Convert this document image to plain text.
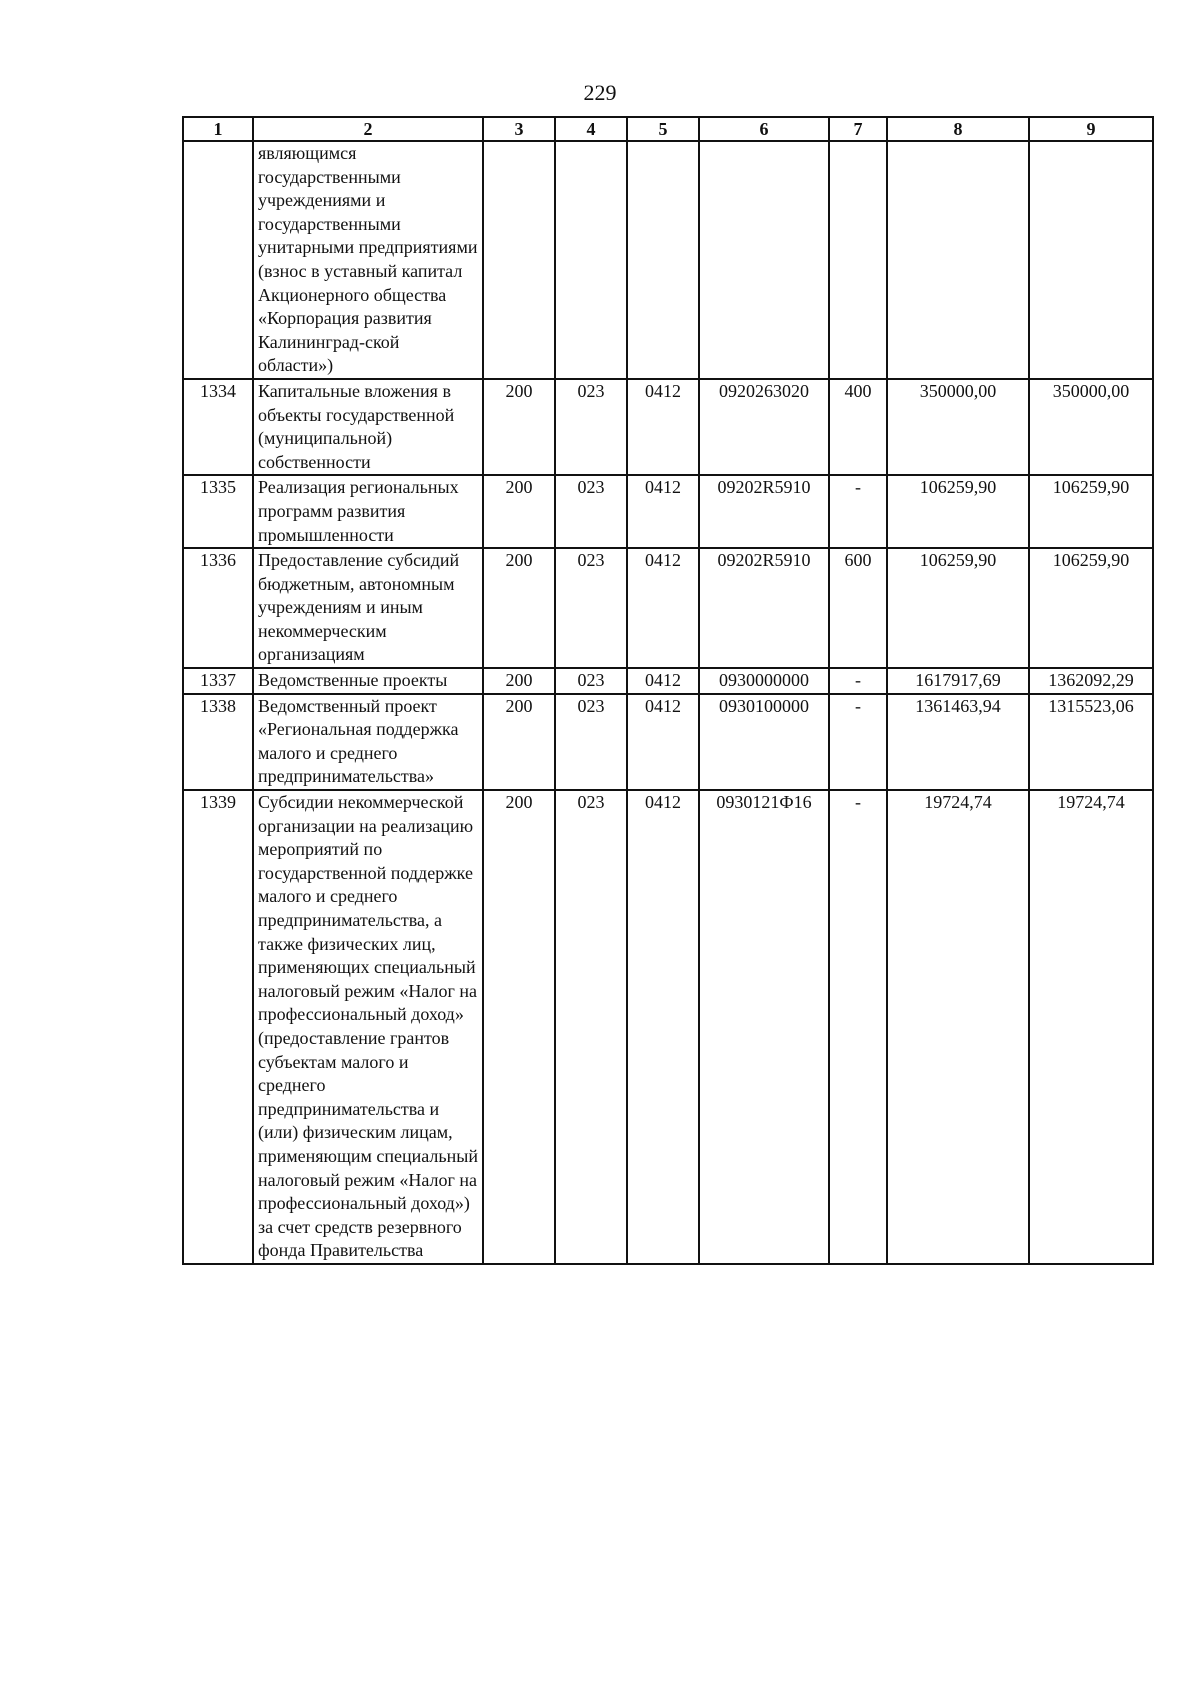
229
1	2	3	4	5	6	7	8	9
	являющимся государственными учреждениями и государственными унитарными предприятиями (взнос в уставный капитал Акционерного общества «Корпорация развития Калининград-ской области»)							
1334	Капитальные вложения в объекты государственной (муниципальной) собственности	200	023	0412	0920263020	400	350000,00	350000,00
1335	Реализация региональных программ развития промышленности	200	023	0412	09202R5910	-	106259,90	106259,90
1336	Предоставление субсидий бюджетным, автономным учреждениям и иным некоммерческим организациям	200	023	0412	09202R5910	600	106259,90	106259,90
1337	Ведомственные проекты	200	023	0412	0930000000	-	1617917,69	1362092,29
1338	Ведомственный проект «Региональная поддержка малого и среднего предпринимательства»	200	023	0412	0930100000	-	1361463,94	1315523,06
1339	Субсидии некоммерческой организации на реализацию мероприятий по государственной поддержке малого и среднего предпринимательства, а также физических лиц, применяющих специальный налоговый режим «Налог на профессиональный доход» (предоставление грантов субъектам малого и среднего предпринимательства и (или) физическим лицам, применяющим специальный налоговый режим «Налог на профессиональный доход») за счет средств резервного фонда Правительства	200	023	0412	0930121Ф16	-	19724,74	19724,74
